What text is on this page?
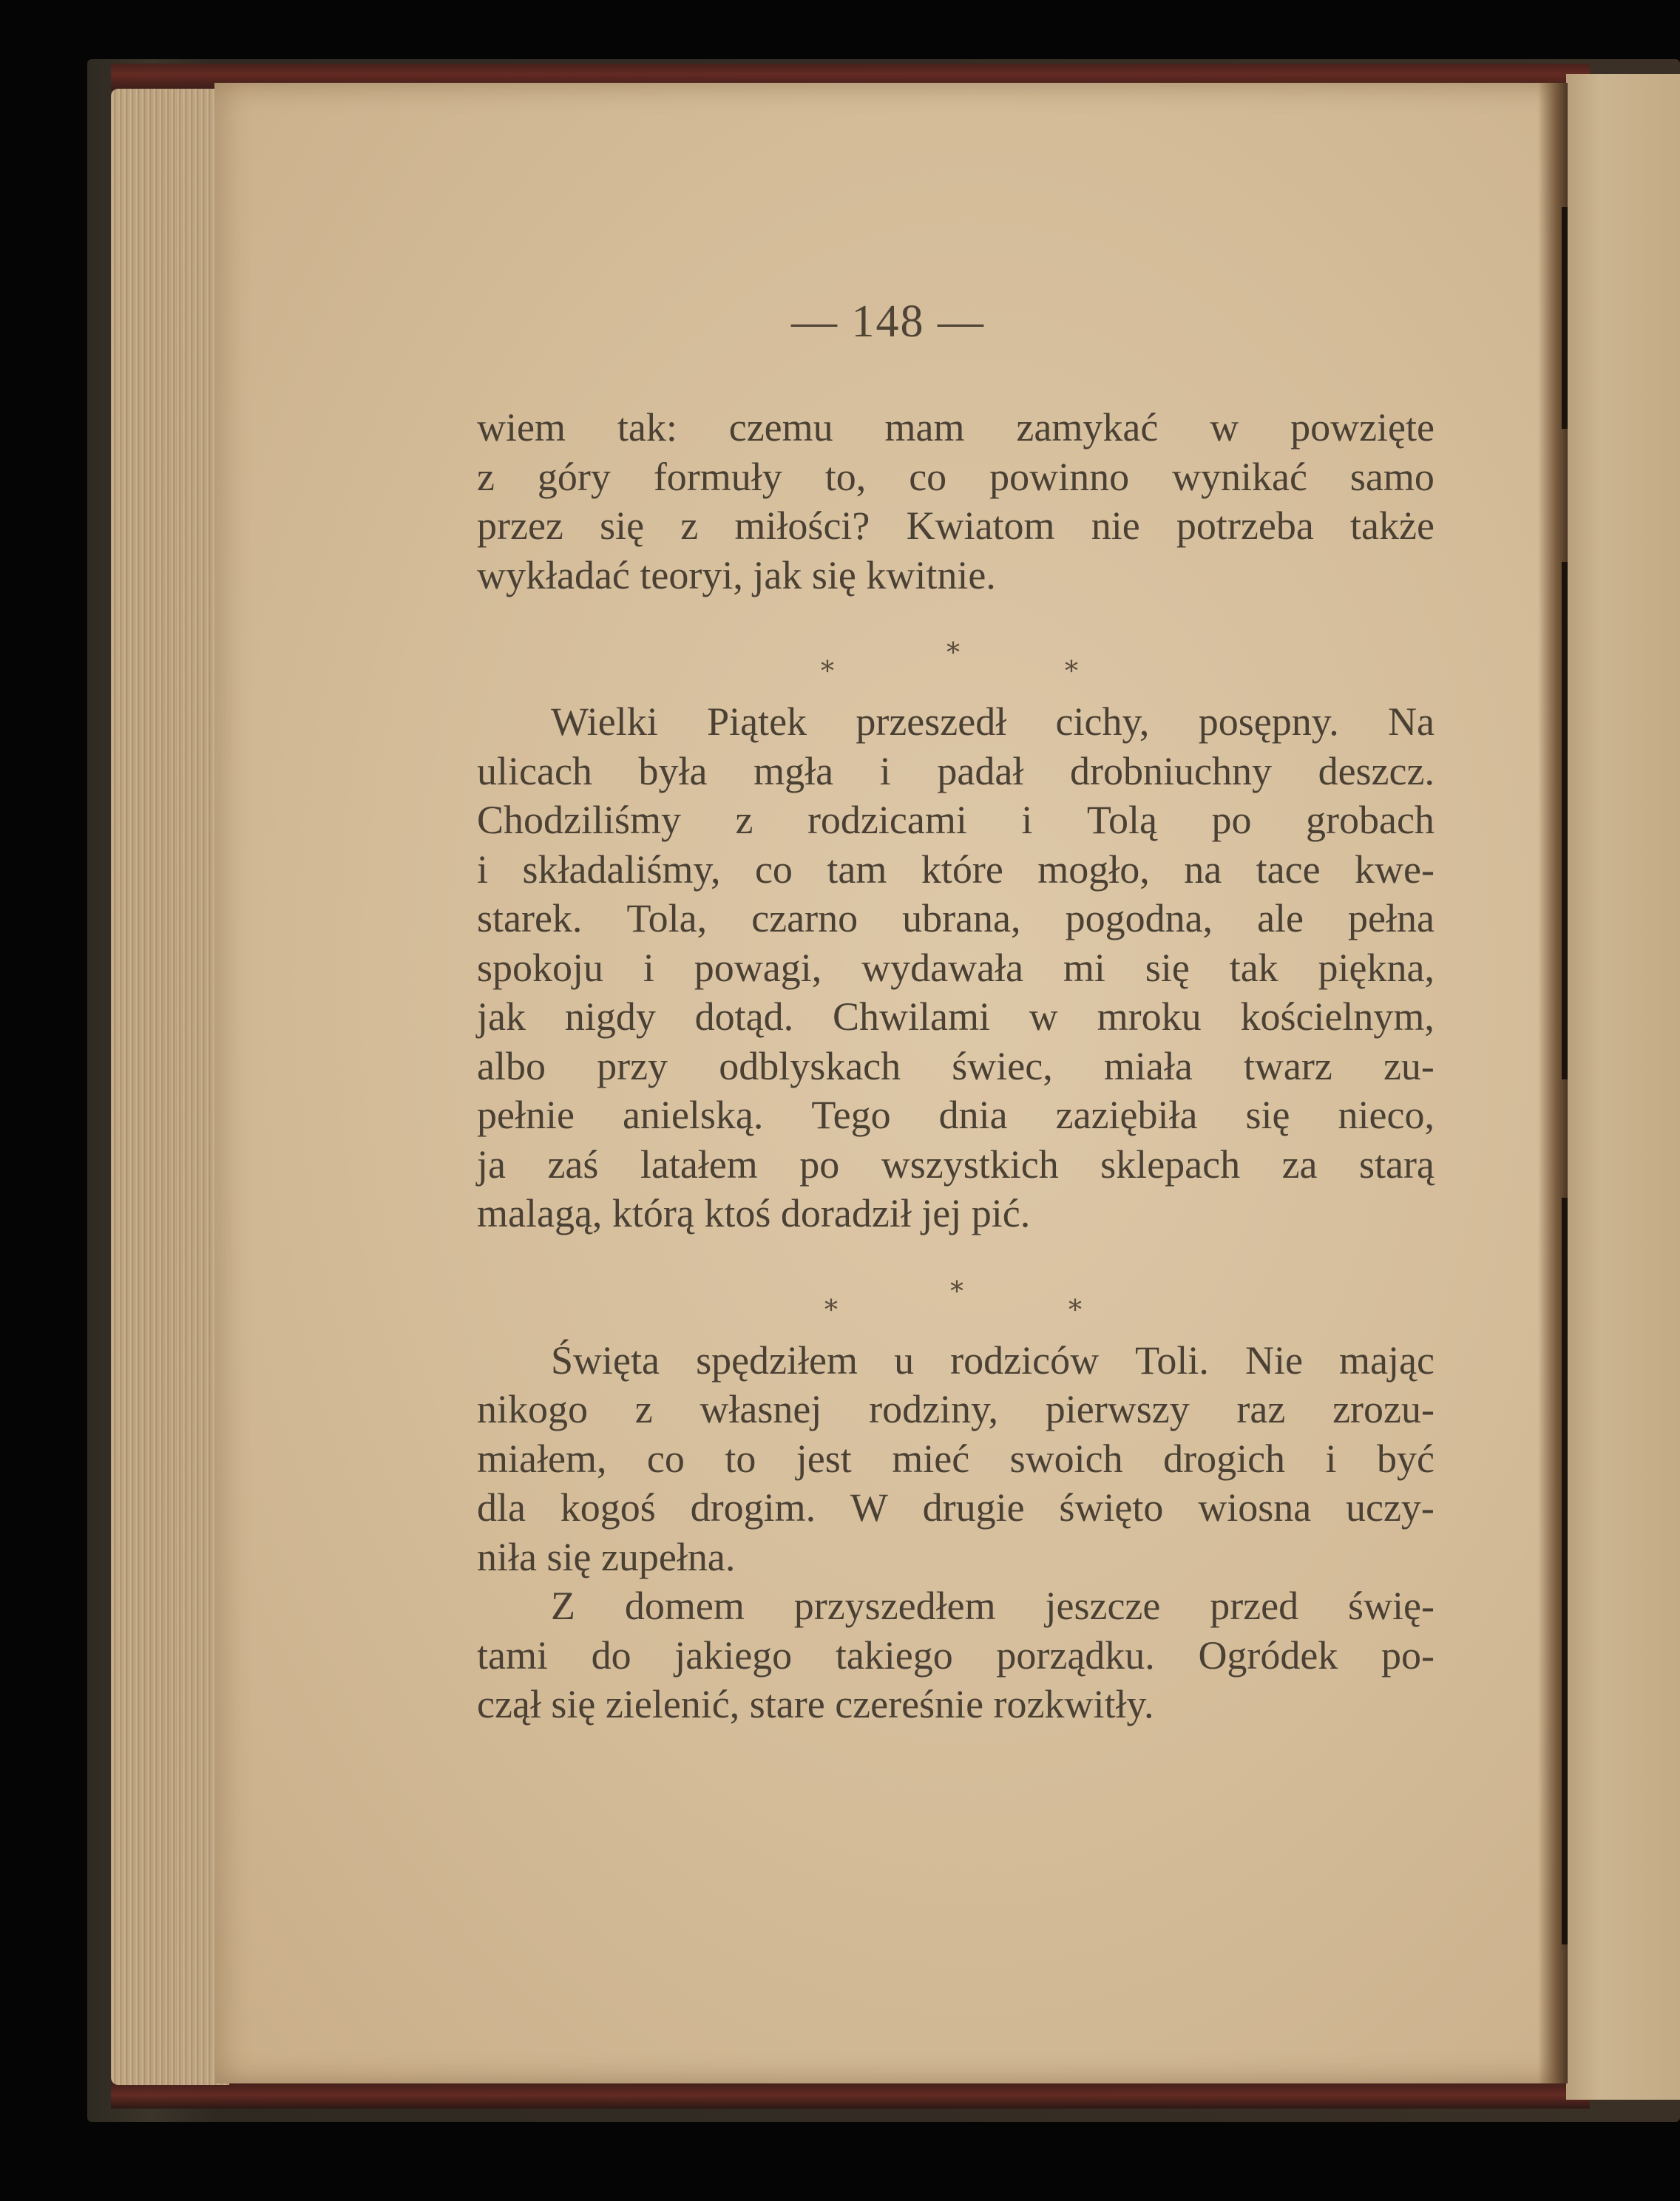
— 148 —
wiem tak: czemu mam zamykać w powzięte
z góry formuły to, co powinno wynikać samo
przez się z miłości? Kwiatom nie potrzeba także
wykładać teoryi, jak się kwitnie.
*
*
*
Wielki Piątek przeszedł cichy, posępny. Na
ulicach była mgła i padał drobniuchny deszcz.
Chodziliśmy z rodzicami i Tolą po grobach
i składaliśmy, co tam które mogło, na tace kwe-
starek. Tola, czarno ubrana, pogodna, ale pełna
spokoju i powagi, wydawała mi się tak piękna,
jak nigdy dotąd. Chwilami w mroku kościelnym,
albo przy odblyskach świec, miała twarz zu-
pełnie anielską. Tego dnia zaziębiła się nieco,
ja zaś latałem po wszystkich sklepach za starą
malagą, którą ktoś doradził jej pić.
*
*
*
Święta spędziłem u rodziców Toli. Nie mając
nikogo z własnej rodziny, pierwszy raz zrozu-
miałem, co to jest mieć swoich drogich i być
dla kogoś drogim. W drugie święto wiosna uczy-
niła się zupełna.
Z domem przyszedłem jeszcze przed świę-
tami do jakiego takiego porządku. Ogródek po-
czął się zielenić, stare czereśnie rozkwitły.
